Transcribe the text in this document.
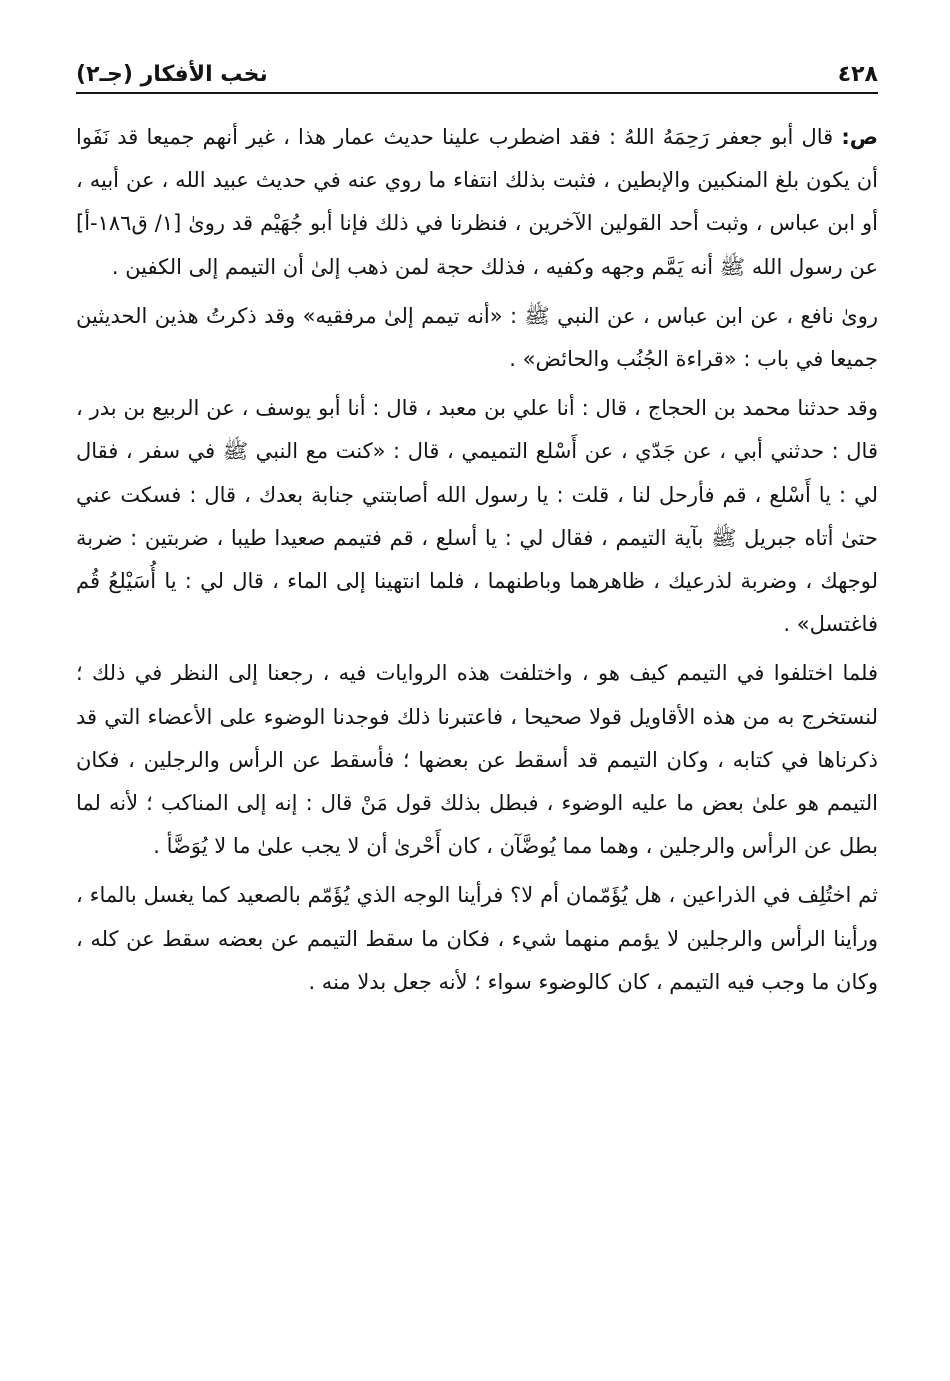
٤٢٨
نخب الأفكار (جـ٢)

ص: قال أبو جعفر رَحِمَهُ اللهُ : فقد اضطرب علينا حديث عمار هذا ، غير أنهم جميعا قد نَفَوا أن يكون بلغ المنكبين والإبطين ، فثبت بذلك انتفاء ما روي عنه في حديث عبيد الله ، عن أبيه ، أو ابن عباس ، وثبت أحد القولين الآخرين ، فنظرنا في ذلك فإنا أبو جُهَيْم قد روىٰ [١/ ق١٨٦-أ] عن رسول الله ﷺ أنه يَمَّم وجهه وكفيه ، فذلك حجة لمن ذهب إلىٰ أن التيمم إلى الكفين .

روىٰ نافع ، عن ابن عباس ، عن النبي ﷺ : «أنه تيمم إلىٰ مرفقيه» وقد ذكرتُ هذين الحديثين جميعا في باب : «قراءة الجُنُب والحائض» .

وقد حدثنا محمد بن الحجاج ، قال : أنا علي بن معبد ، قال : أنا أبو يوسف ، عن الربيع بن بدر ، قال : حدثني أبي ، عن جَدّي ، عن أَسْلع التميمي ، قال : «كنت مع النبي ﷺ في سفر ، فقال لي : يا أَسْلع ، قم فأرحل لنا ، قلت : يا رسول الله أصابتني جنابة بعدك ، قال : فسكت عني حتىٰ أتاه جبريل ﷺ بآية التيمم ، فقال لي : يا أسلع ، قم فتيمم صعيدا طيبا ، ضربتين : ضربة لوجهك ، وضربة لذرعيك ، ظاهرهما وباطنهما ، فلما انتهينا إلى الماء ، قال لي : يا أُسَيْلعُ قُم فاغتسل» .

فلما اختلفوا في التيمم كيف هو ، واختلفت هذه الروايات فيه ، رجعنا إلى النظر في ذلك ؛ لنستخرج به من هذه الأقاويل قولا صحيحا ، فاعتبرنا ذلك فوجدنا الوضوء على الأعضاء التي قد ذكرناها في كتابه ، وكان التيمم قد أسقط عن بعضها ؛ فأسقط عن الرأس والرجلين ، فكان التيمم هو علىٰ بعض ما عليه الوضوء ، فبطل بذلك قول مَنْ قال : إنه إلى المناكب ؛ لأنه لما بطل عن الرأس والرجلين ، وهما مما يُوضَّآن ، كان أَحْرىٰ أن لا يجب علىٰ ما لا يُوَضَّأ .

ثم اختُلِف في الذراعين ، هل يُؤَمّمان أم لا؟ فرأينا الوجه الذي يُؤَمّم بالصعيد كما يغسل بالماء ، ورأينا الرأس والرجلين لا يؤمم منهما شيء ، فكان ما سقط التيمم عن بعضه سقط عن كله ، وكان ما وجب فيه التيمم ، كان كالوضوء سواء ؛ لأنه جعل بدلا منه .
